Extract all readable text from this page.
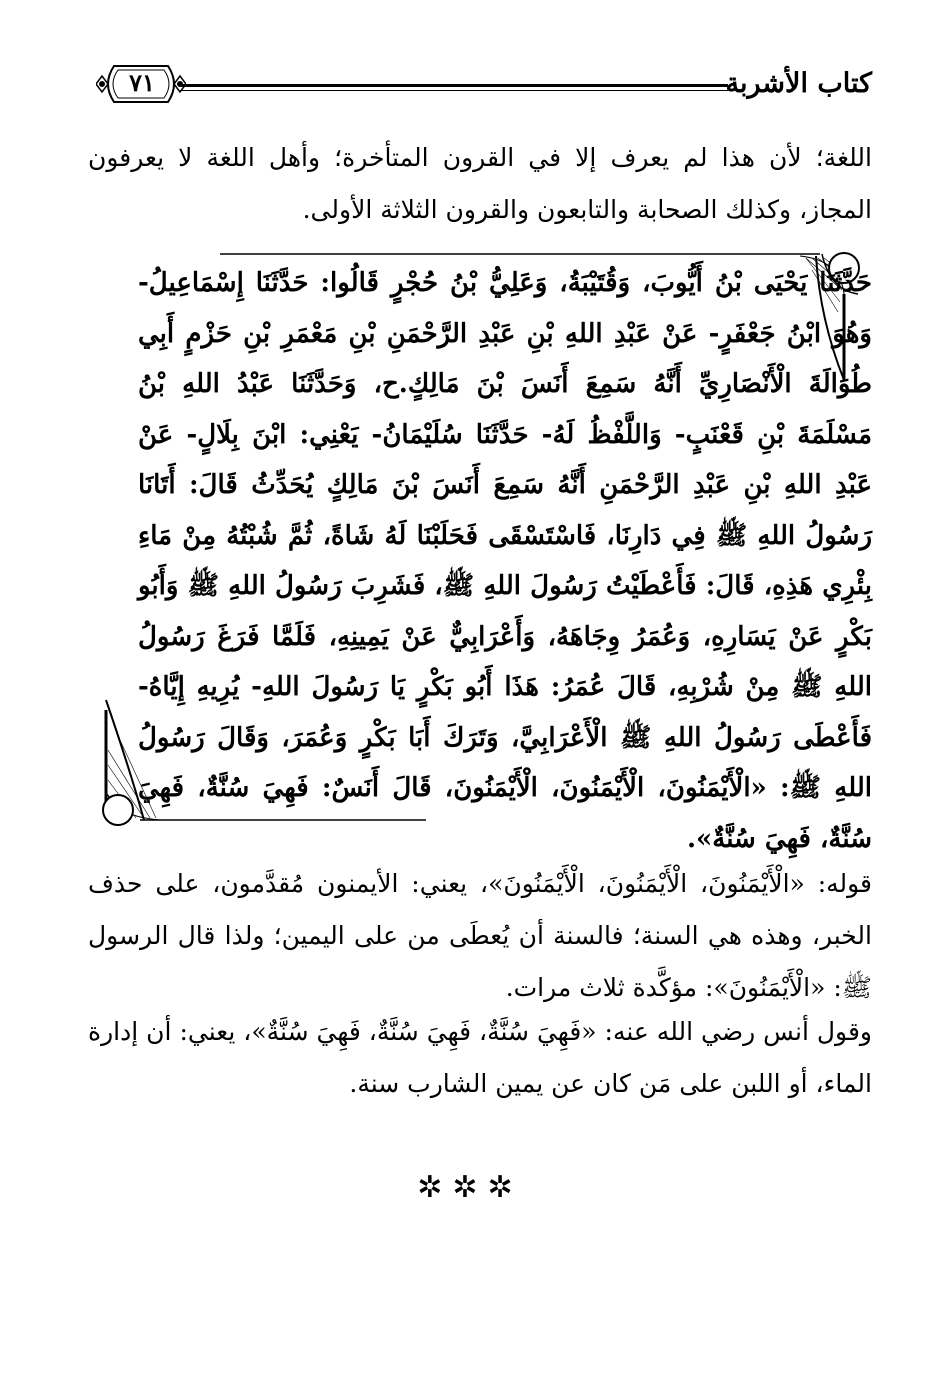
كتاب الأشربة
٧١
اللغة؛ لأن هذا لم يعرف إلا في القرون المتأخرة؛ وأهل اللغة لا يعرفون المجاز، وكذلك الصحابة والتابعون والقرون الثلاثة الأولى.
حَدَّثَنَا يَحْيَى بْنُ أَيُّوبَ، وَقُتَيْبَةُ، وَعَلِيُّ بْنُ حُجْرٍ قَالُوا: حَدَّثَنَا إِسْمَاعِيلُ- وَهُوَ ابْنُ جَعْفَرٍ- عَنْ عَبْدِ اللهِ بْنِ عَبْدِ الرَّحْمَنِ بْنِ مَعْمَرِ بْنِ حَزْمٍ أَبِي طُوَالَةَ الْأَنْصَارِيِّ أَنَّهُ سَمِعَ أَنَسَ بْنَ مَالِكٍ.ح، وَحَدَّثَنَا عَبْدُ اللهِ بْنُ مَسْلَمَةَ بْنِ قَعْنَبٍ- وَاللَّفْظُ لَهُ- حَدَّثَنَا سُلَيْمَانُ- يَعْنِي: ابْنَ بِلَالٍ- عَنْ عَبْدِ اللهِ بْنِ عَبْدِ الرَّحْمَنِ أَنَّهُ سَمِعَ أَنَسَ بْنَ مَالِكٍ يُحَدِّثُ قَالَ: أَتَانَا رَسُولُ اللهِ ﷺ فِي دَارِنَا، فَاسْتَسْقَى فَحَلَبْنَا لَهُ شَاةً، ثُمَّ شُبْتُهُ مِنْ مَاءِ بِئْرِي هَذِهِ، قَالَ: فَأَعْطَيْتُ رَسُولَ اللهِ ﷺ، فَشَرِبَ رَسُولُ اللهِ ﷺ وَأَبُو بَكْرٍ عَنْ يَسَارِهِ، وَعُمَرُ وِجَاهَهُ، وَأَعْرَابِيٌّ عَنْ يَمِينِهِ، فَلَمَّا فَرَغَ رَسُولُ اللهِ ﷺ مِنْ شُرْبِهِ، قَالَ عُمَرُ: هَذَا أَبُو بَكْرٍ يَا رَسُولَ اللهِ- يُرِيهِ إِيَّاهُ- فَأَعْطَى رَسُولُ اللهِ ﷺ الْأَعْرَابِيَّ، وَتَرَكَ أَبَا بَكْرٍ وَعُمَرَ، وَقَالَ رَسُولُ اللهِ ﷺ: «الْأَيْمَنُونَ، الْأَيْمَنُونَ، الْأَيْمَنُونَ، قَالَ أَنَسٌ: فَهِيَ سُنَّةٌ، فَهِيَ سُنَّةٌ، فَهِيَ سُنَّةٌ».
قوله: «الْأَيْمَنُونَ، الْأَيْمَنُونَ، الْأَيْمَنُونَ»، يعني: الأيمنون مُقدَّمون، على حذف الخبر، وهذه هي السنة؛ فالسنة أن يُعطَى من على اليمين؛ ولذا قال الرسول ﷺ: «الْأَيْمَنُونَ»: مؤكَّدة ثلاث مرات.
وقول أنس رضي الله عنه: «فَهِيَ سُنَّةٌ، فَهِيَ سُنَّةٌ، فَهِيَ سُنَّةٌ»، يعني: أن إدارة الماء، أو اللبن على مَن كان عن يمين الشارب سنة.
✲✲✲
